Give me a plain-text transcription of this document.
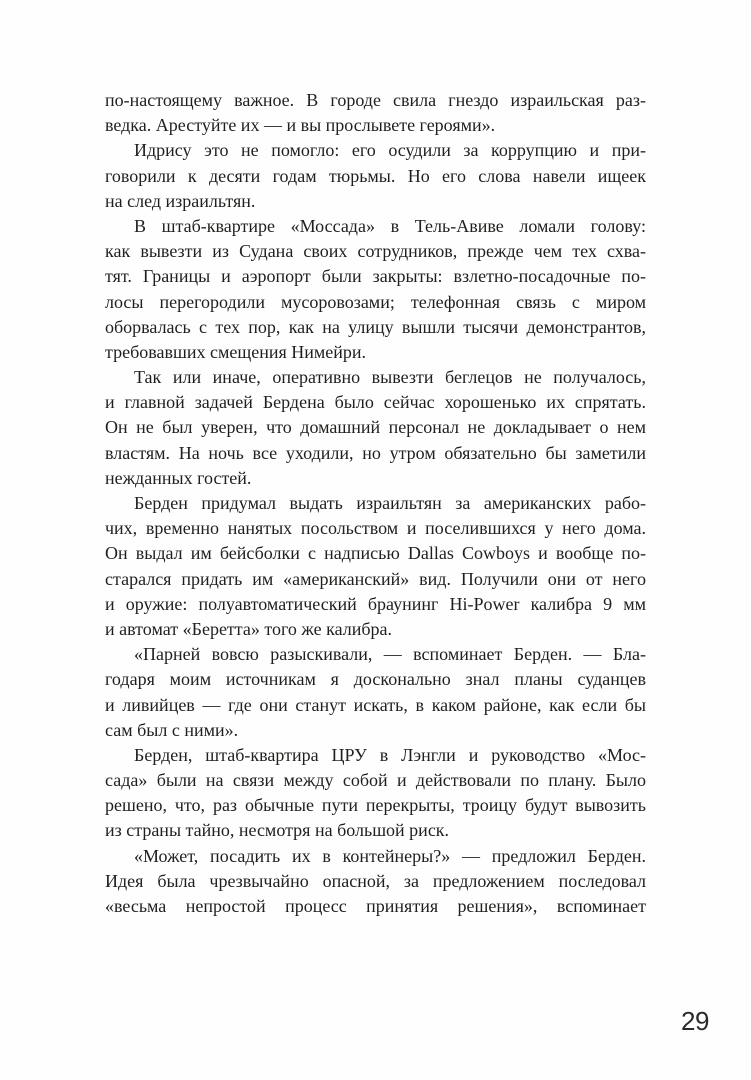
по-настоящему важное. В городе свила гнездо израильская раз-
ведка. Арестуйте их — и вы прослывете героями».
Идрису это не помогло: его осудили за коррупцию и при-
говорили к десяти годам тюрьмы. Но его слова навели ищеек
на след израильтян.
В штаб-квартире «Моссада» в Тель-Авиве ломали голову:
как вывезти из Судана своих сотрудников, прежде чем тех схва-
тят. Границы и аэропорт были закрыты: взлетно-посадочные по-
лосы перегородили мусоровозами; телефонная связь с миром
оборвалась с тех пор, как на улицу вышли тысячи демонстрантов,
требовавших смещения Нимейри.
Так или иначе, оперативно вывезти беглецов не получалось,
и главной задачей Бердена было сейчас хорошенько их спрятать.
Он не был уверен, что домашний персонал не докладывает о нем
властям. На ночь все уходили, но утром обязательно бы заметили
нежданных гостей.
Берден придумал выдать израильтян за американских рабо-
чих, временно нанятых посольством и поселившихся у него дома.
Он выдал им бейсболки с надписью Dallas Cowboys и вообще по-
старался придать им «американский» вид. Получили они от него
и оружие: полуавтоматический браунинг Hi-Power калибра 9 мм
и автомат «Беретта» того же калибра.
«Парней вовсю разыскивали, — вспоминает Берден. — Бла-
годаря моим источникам я досконально знал планы суданцев
и ливийцев — где они станут искать, в каком районе, как если бы
сам был с ними».
Берден, штаб-квартира ЦРУ в Лэнгли и руководство «Мос-
сада» были на связи между собой и действовали по плану. Было
решено, что, раз обычные пути перекрыты, троицу будут вывозить
из страны тайно, несмотря на большой риск.
«Может, посадить их в контейнеры?» — предложил Берден.
Идея была чрезвычайно опасной, за предложением последовал
«весьма непростой процесс принятия решения», вспоминает
29
